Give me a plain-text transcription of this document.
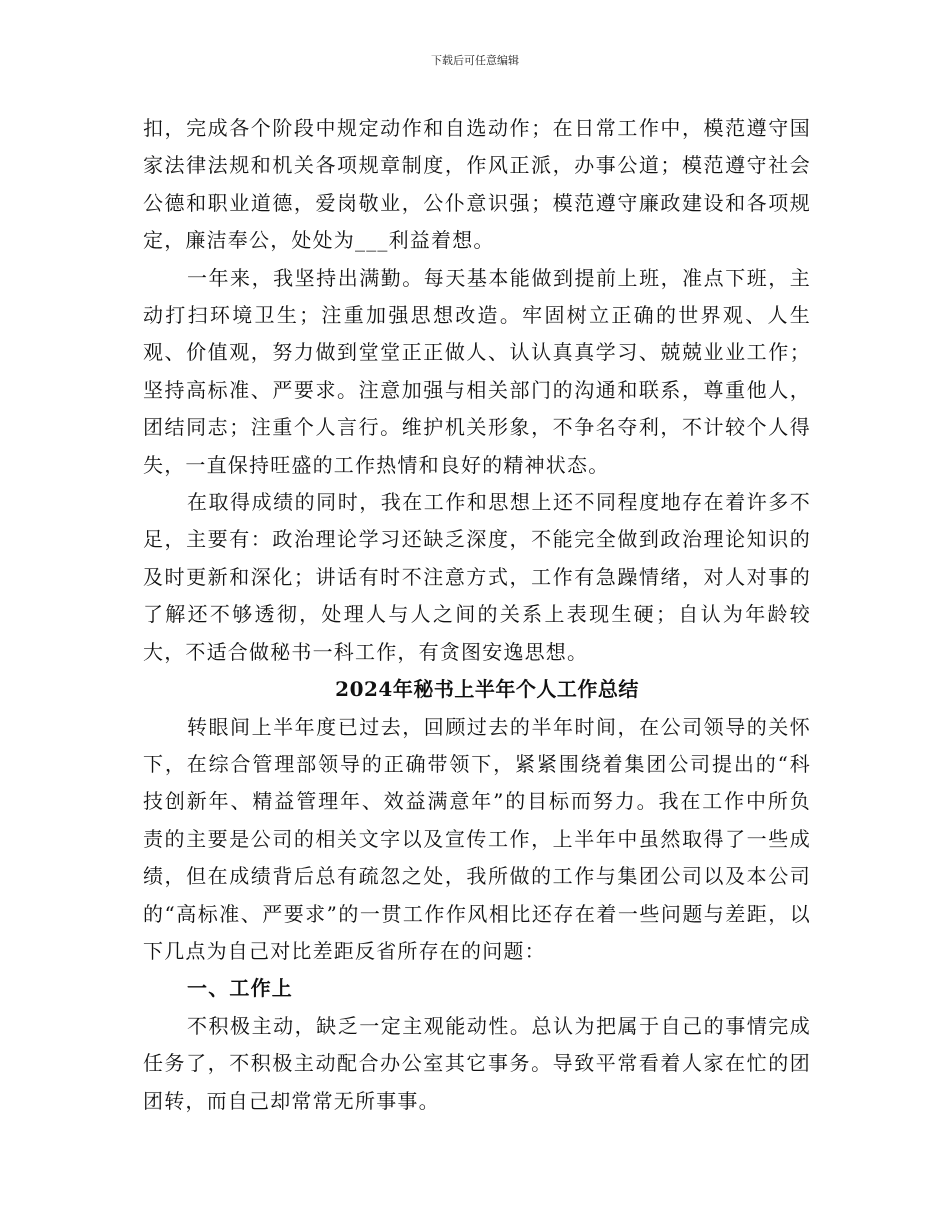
下载后可任意编辑

扣，完成各个阶段中规定动作和自选动作；在日常工作中，模范遵守国家法律法规和机关各项规章制度，作风正派，办事公道；模范遵守社会公德和职业道德，爱岗敬业，公仆意识强；模范遵守廉政建设和各项规定，廉洁奉公，处处为___利益着想。

一年来，我坚持出满勤。每天基本能做到提前上班，准点下班，主动打扫环境卫生；注重加强思想改造。牢固树立正确的世界观、人生观、价值观，努力做到堂堂正正做人、认认真真学习、兢兢业业工作；坚持高标准、严要求。注意加强与相关部门的沟通和联系，尊重他人，团结同志；注重个人言行。维护机关形象，不争名夺利，不计较个人得失，一直保持旺盛的工作热情和良好的精神状态。

在取得成绩的同时，我在工作和思想上还不同程度地存在着许多不足，主要有：政治理论学习还缺乏深度，不能完全做到政治理论知识的及时更新和深化；讲话有时不注意方式，工作有急躁情绪，对人对事的了解还不够透彻，处理人与人之间的关系上表现生硬；自认为年龄较大，不适合做秘书一科工作，有贪图安逸思想。

2024年秘书上半年个人工作总结

转眼间上半年度已过去，回顾过去的半年时间，在公司领导的关怀下，在综合管理部领导的正确带领下，紧紧围绕着集团公司提出的“科技创新年、精益管理年、效益满意年”的目标而努力。我在工作中所负责的主要是公司的相关文字以及宣传工作，上半年中虽然取得了一些成绩，但在成绩背后总有疏忽之处，我所做的工作与集团公司以及本公司的“高标准、严要求”的一贯工作作风相比还存在着一些问题与差距，以下几点为自己对比差距反省所存在的问题：

一、工作上

不积极主动，缺乏一定主观能动性。总认为把属于自己的事情完成任务了，不积极主动配合办公室其它事务。导致平常看着人家在忙的团团转，而自己却常常无所事事。
